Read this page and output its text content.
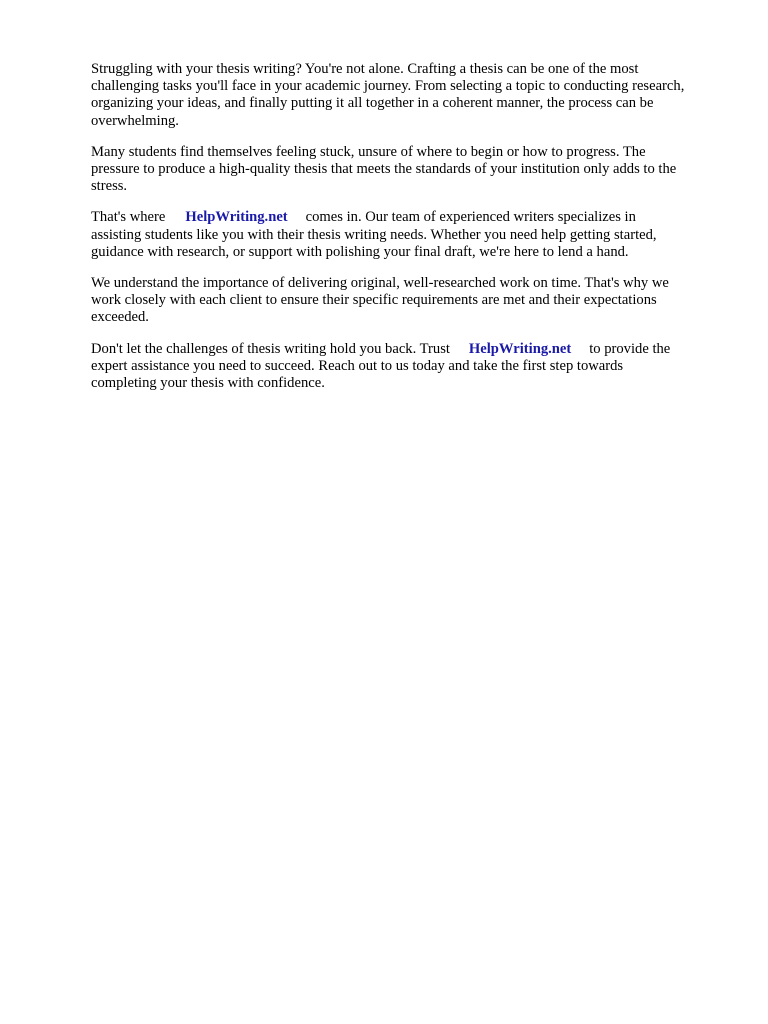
Struggling with your thesis writing? You're not alone. Crafting a thesis can be one of the most
challenging tasks you'll face in your academic journey. From selecting a topic to conducting research,
organizing your ideas, and finally putting it all together in a coherent manner, the process can be
overwhelming.

Many students find themselves feeling stuck, unsure of where to begin or how to progress. The
pressure to produce a high-quality thesis that meets the standards of your institution only adds to the
stress.

That's where HelpWriting.net comes in. Our team of experienced writers specializes in
assisting students like you with their thesis writing needs. Whether you need help getting started,
guidance with research, or support with polishing your final draft, we're here to lend a hand.

We understand the importance of delivering original, well-researched work on time. That's why we
work closely with each client to ensure their specific requirements are met and their expectations
exceeded.

Don't let the challenges of thesis writing hold you back. Trust HelpWriting.net to provide the
expert assistance you need to succeed. Reach out to us today and take the first step towards
completing your thesis with confidence.
